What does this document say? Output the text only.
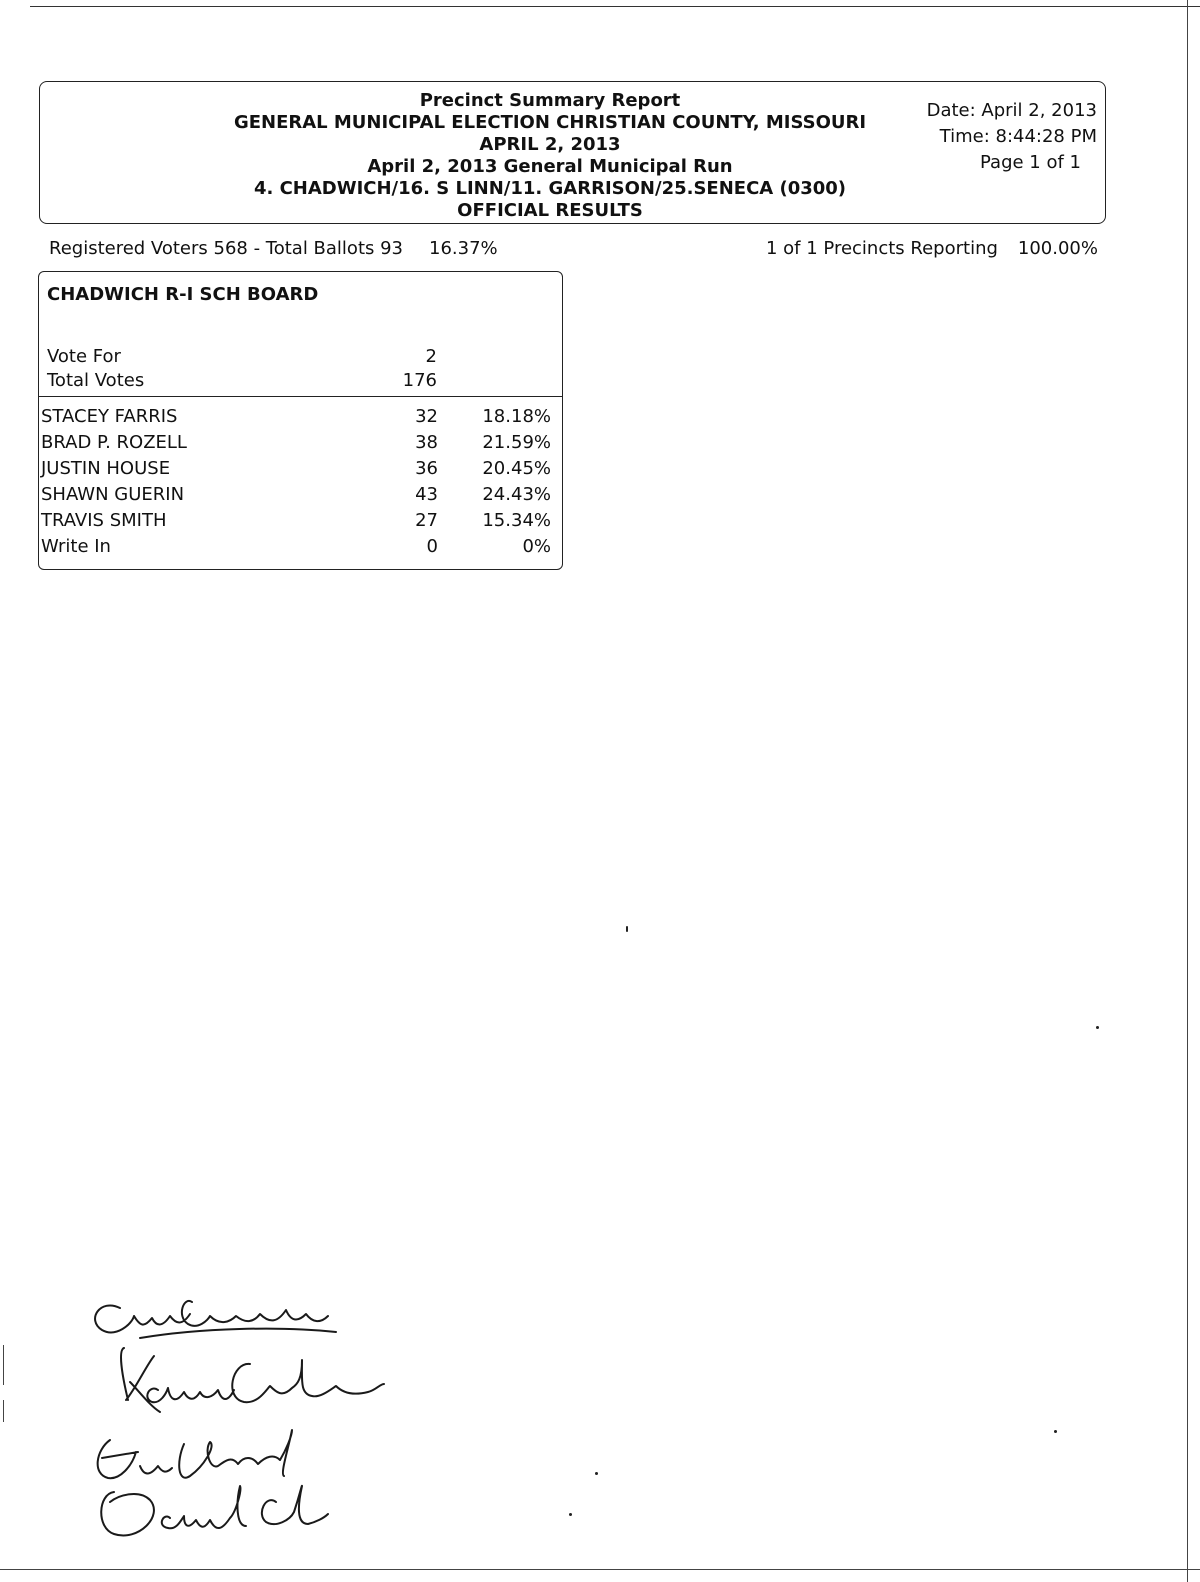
Precinct Summary Report
GENERAL MUNICIPAL ELECTION CHRISTIAN COUNTY, MISSOURI
APRIL 2, 2013
April 2, 2013 General Municipal Run
4. CHADWICH/16. S LINN/11. GARRISON/25.SENECA (0300)
OFFICIAL RESULTS
Date: April 2, 2013
Time: 8:44:28 PM
Page 1 of 1
Registered Voters 568 - Total Ballots 93 16.37%	1 of 1 Precincts Reporting 100.00%
CHADWICH R-I SCH BOARD
Vote For	2
Total Votes	176
STACEY FARRIS	32 18.18%
BRAD P. ROZELL	38 21.59%
JUSTIN HOUSE	36 20.45%
SHAWN GUERIN	43 24.43%
TRAVIS SMITH	27 15.34%
Write In	0	0%
